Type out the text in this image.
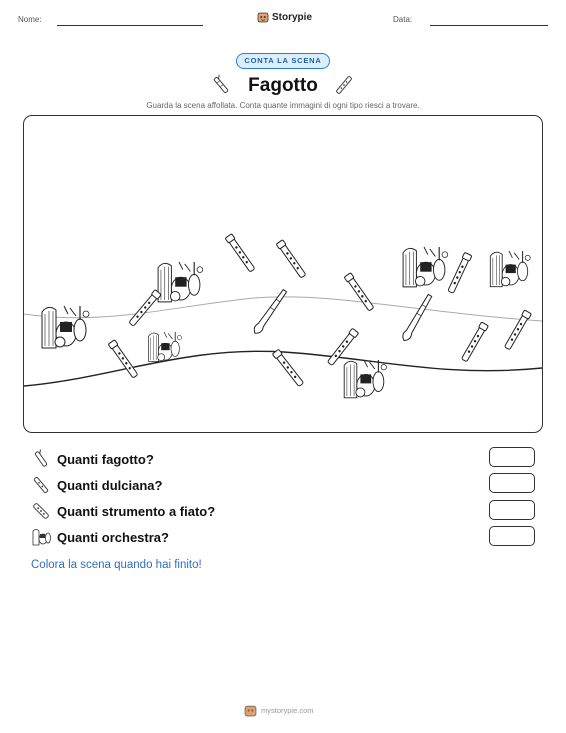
Nome:	Storypie	Data:
CONTA LA SCENA
Fagotto
Guarda la scena affollata. Conta quante immagini di ogni tipo riesci a trovare.
Quanti fagotto?
Quanti dulciana?
Quanti strumento a fiato?
Quanti orchestra?
Colora la scena quando hai finito!
mystorypie.com
